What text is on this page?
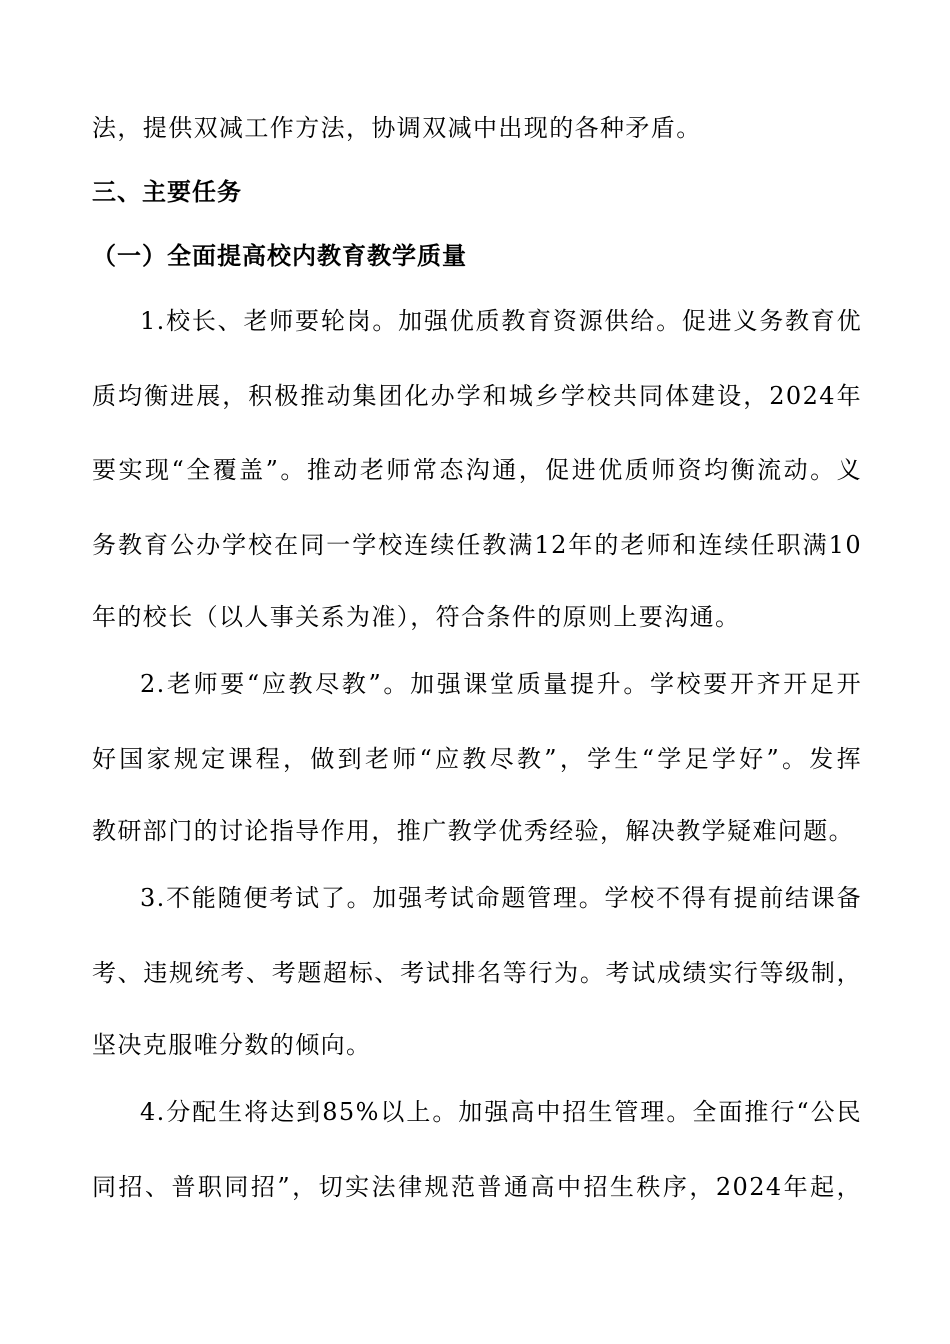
法，提供双减工作方法，协调双减中出现的各种矛盾。
三、主要任务
（一）全面提高校内教育教学质量
1.校长、老师要轮岗。加强优质教育资源供给。促进义务教育优
质均衡进展，积极推动集团化办学和城乡学校共同体建设，2024年
要实现“全覆盖”。推动老师常态沟通，促进优质师资均衡流动。义
务教育公办学校在同一学校连续任教满12年的老师和连续任职满10
年的校长（以人事关系为准），符合条件的原则上要沟通。
2.老师要“应教尽教”。加强课堂质量提升。学校要开齐开足开
好国家规定课程，做到老师“应教尽教”，学生“学足学好”。发挥
教研部门的讨论指导作用，推广教学优秀经验，解决教学疑难问题。
3.不能随便考试了。加强考试命题管理。学校不得有提前结课备
考、违规统考、考题超标、考试排名等行为。考试成绩实行等级制，
坚决克服唯分数的倾向。
4.分配生将达到85%以上。加强高中招生管理。全面推行“公民
同招、普职同招”，切实法律规范普通高中招生秩序，2024年起，
